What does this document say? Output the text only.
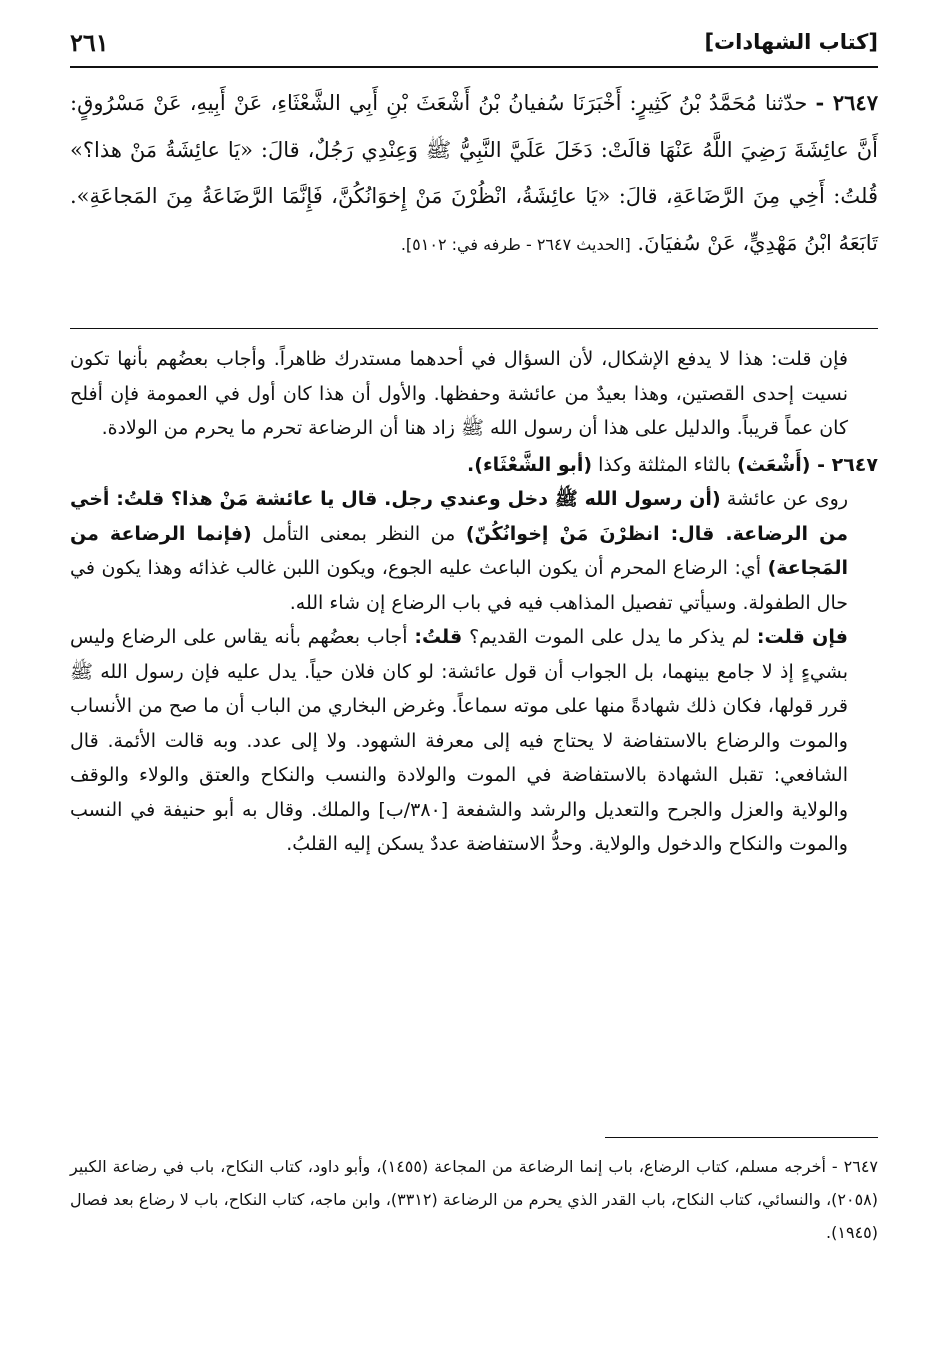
٢٦١	[كتاب الشهادات]
٢٦٤٧ - حدّثنا مُحَمَّدُ بْنُ كَثِيرٍ: أَخْبَرَنَا سُفيانُ بْنُ أَشْعَثَ بْنِ أَبِي الشَّعْثَاءِ، عَنْ أَبِيهِ، عَنْ مَسْرُوقٍ: أَنَّ عائِشَةَ رَضِيَ اللَّهُ عَنْهَا قالَتْ: دَخَلَ عَلَيَّ النَّبِيُّ ﷺ وَعِنْدِي رَجُلٌ، قالَ: «يَا عائِشَةُ مَنْ هذا؟» قُلتُ: أَخِي مِنَ الرَّضَاعَةِ، قالَ: «يَا عائِشَةُ، انْظُرْنَ مَنْ إِخوَانُكُنَّ، فَإِنَّمَا الرَّضَاعَةُ مِنَ المَجاعَةِ». تَابَعَهُ ابْنُ مَهْدِيٍّ، عَنْ سُفيَانَ. [الحديث ٢٦٤٧ - طرفه في: ٥١٠٢].

فإن قلت: هذا لا يدفع الإشكال، لأن السؤال في أحدهما مستدرك ظاهراً. وأجاب بعضُهم بأنها تكون نسيت إحدى القصتين، وهذا بعيدٌ من عائشة وحفظها. والأول أن هذا كان أول في العمومة فإن أفلح كان عماً قريباً. والدليل على هذا أن رسول الله ﷺ زاد هنا أن الرضاعة تحرم ما يحرم من الولادة.

٢٦٤٧ - (أَشْعَث) بالثاء المثلثة وكذا (أبو الشَّعْثَاء).

روى عن عائشة (أن رسول الله ﷺ دخل وعندي رجل. قال يا عائشة مَنْ هذا؟ قلتُ: أخي من الرضاعة. قال: انظرْنَ مَنْ إخوانُكُنّ) من النظر بمعنى التأمل (فإنما الرضاعة من المَجاعة) أي: الرضاع المحرم أن يكون الباعث عليه الجوع، ويكون اللبن غالب غذائه وهذا يكون في حال الطفولة. وسيأتي تفصيل المذاهب فيه في باب الرضاع إن شاء الله.

فإن قلت: لم يذكر ما يدل على الموت القديم؟ قلتُ: أجاب بعضُهم بأنه يقاس على الرضاع وليس بشيءٍ إذ لا جامع بينهما، بل الجواب أن قول عائشة: لو كان فلان حياً. يدل عليه فإن رسول الله ﷺ قرر قولها، فكان ذلك شهادةً منها على موته سماعاً. وغرض البخاري من الباب أن ما صح من الأنساب والموت والرضاع بالاستفاضة لا يحتاج فيه إلى معرفة الشهود. ولا إلى عدد. وبه قالت الأئمة. قال الشافعي: تقبل الشهادة بالاستفاضة في الموت والولادة والنسب والنكاح والعتق والولاء والوقف والولاية والعزل والجرح والتعديل والرشد والشفعة [٣٨٠/ب] والملك. وقال به أبو حنيفة في النسب والموت والنكاح والدخول والولاية. وحدُّ الاستفاضة عددٌ يسكن إليه القلبُ.

٢٦٤٧ - أخرجه مسلم، كتاب الرضاع، باب إنما الرضاعة من المجاعة (١٤٥٥)، وأبو داود، كتاب النكاح، باب في رضاعة الكبير (٢٠٥٨)، والنسائي، كتاب النكاح، باب القدر الذي يحرم من الرضاعة (٣٣١٢)، وابن ماجه، كتاب النكاح، باب لا رضاع بعد فصال (١٩٤٥).
